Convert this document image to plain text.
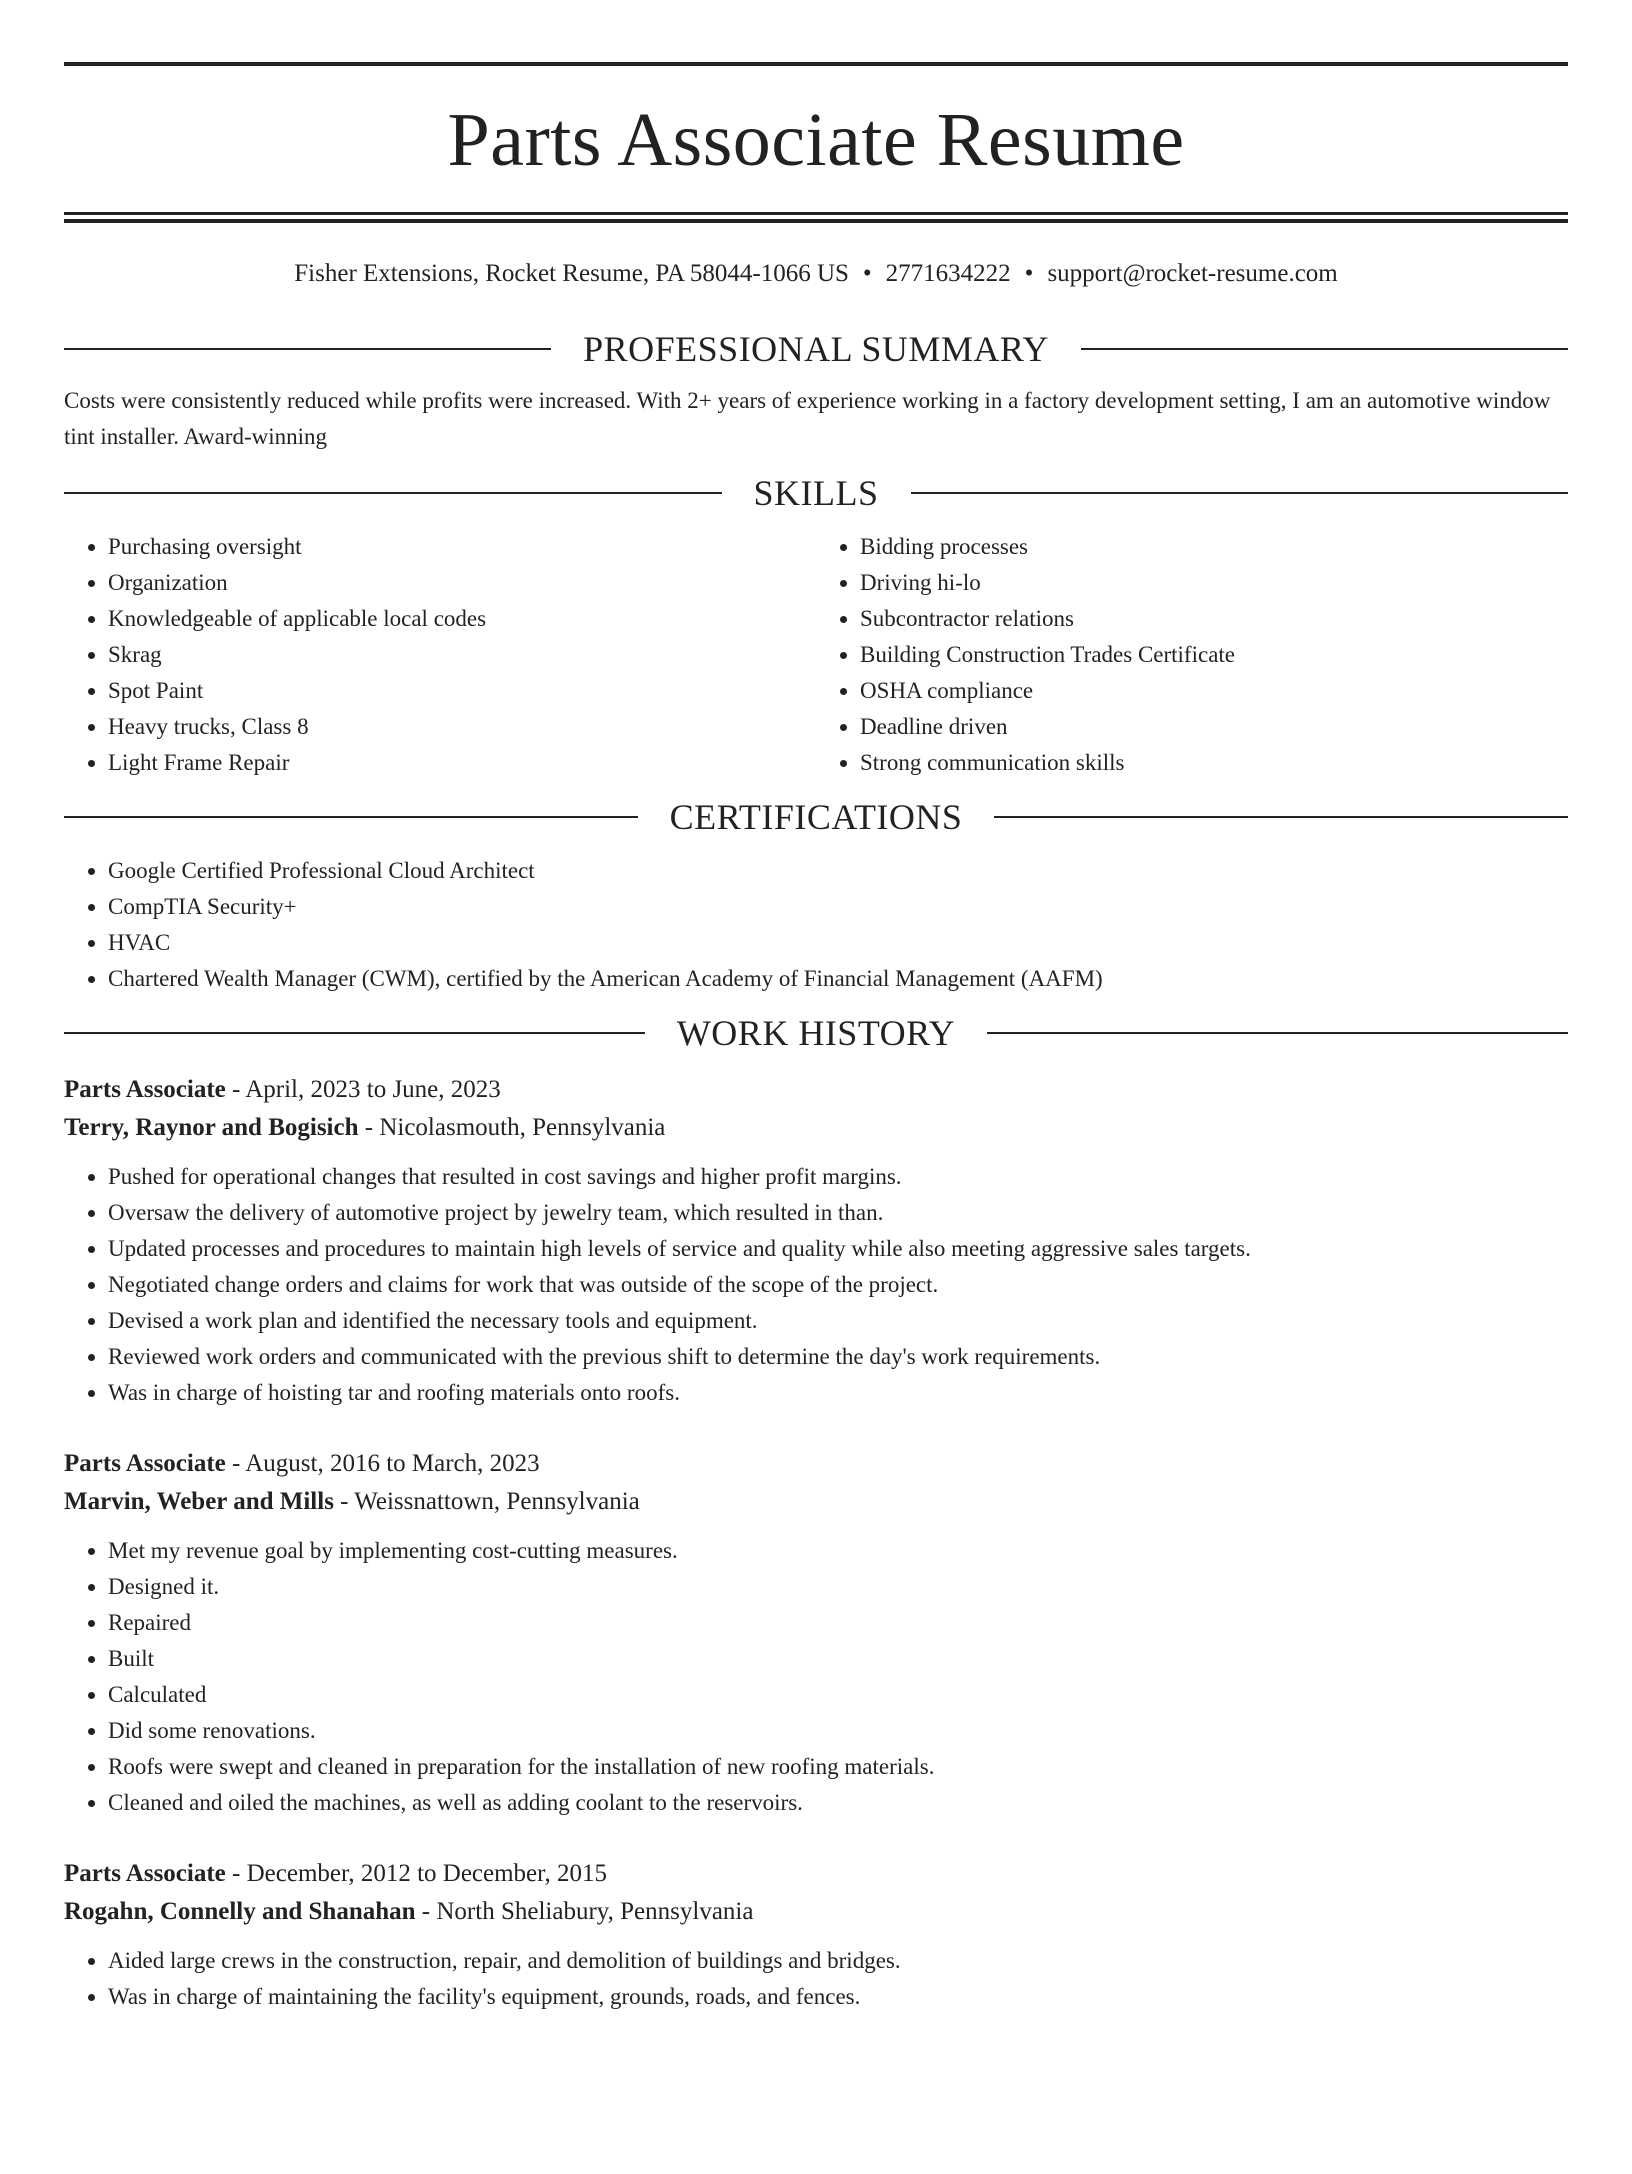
Parts Associate Resume
Fisher Extensions, Rocket Resume, PA 58044-1066 US • 2771634222 • support@rocket-resume.com
PROFESSIONAL SUMMARY
Costs were consistently reduced while profits were increased. With 2+ years of experience working in a factory development setting, I am an automotive window tint installer. Award-winning
SKILLS
• Purchasing oversight
• Organization
• Knowledgeable of applicable local codes
• Skrag
• Spot Paint
• Heavy trucks, Class 8
• Light Frame Repair
• Bidding processes
• Driving hi-lo
• Subcontractor relations
• Building Construction Trades Certificate
• OSHA compliance
• Deadline driven
• Strong communication skills
CERTIFICATIONS
• Google Certified Professional Cloud Architect
• CompTIA Security+
• HVAC
• Chartered Wealth Manager (CWM), certified by the American Academy of Financial Management (AAFM)
WORK HISTORY
Parts Associate - April, 2023 to June, 2023
Terry, Raynor and Bogisich - Nicolasmouth, Pennsylvania
• Pushed for operational changes that resulted in cost savings and higher profit margins.
• Oversaw the delivery of automotive project by jewelry team, which resulted in than.
• Updated processes and procedures to maintain high levels of service and quality while also meeting aggressive sales targets.
• Negotiated change orders and claims for work that was outside of the scope of the project.
• Devised a work plan and identified the necessary tools and equipment.
• Reviewed work orders and communicated with the previous shift to determine the day's work requirements.
• Was in charge of hoisting tar and roofing materials onto roofs.
Parts Associate - August, 2016 to March, 2023
Marvin, Weber and Mills - Weissnattown, Pennsylvania
• Met my revenue goal by implementing cost-cutting measures.
• Designed it.
• Repaired
• Built
• Calculated
• Did some renovations.
• Roofs were swept and cleaned in preparation for the installation of new roofing materials.
• Cleaned and oiled the machines, as well as adding coolant to the reservoirs.
Parts Associate - December, 2012 to December, 2015
Rogahn, Connelly and Shanahan - North Sheliabury, Pennsylvania
• Aided large crews in the construction, repair, and demolition of buildings and bridges.
• Was in charge of maintaining the facility's equipment, grounds, roads, and fences.
